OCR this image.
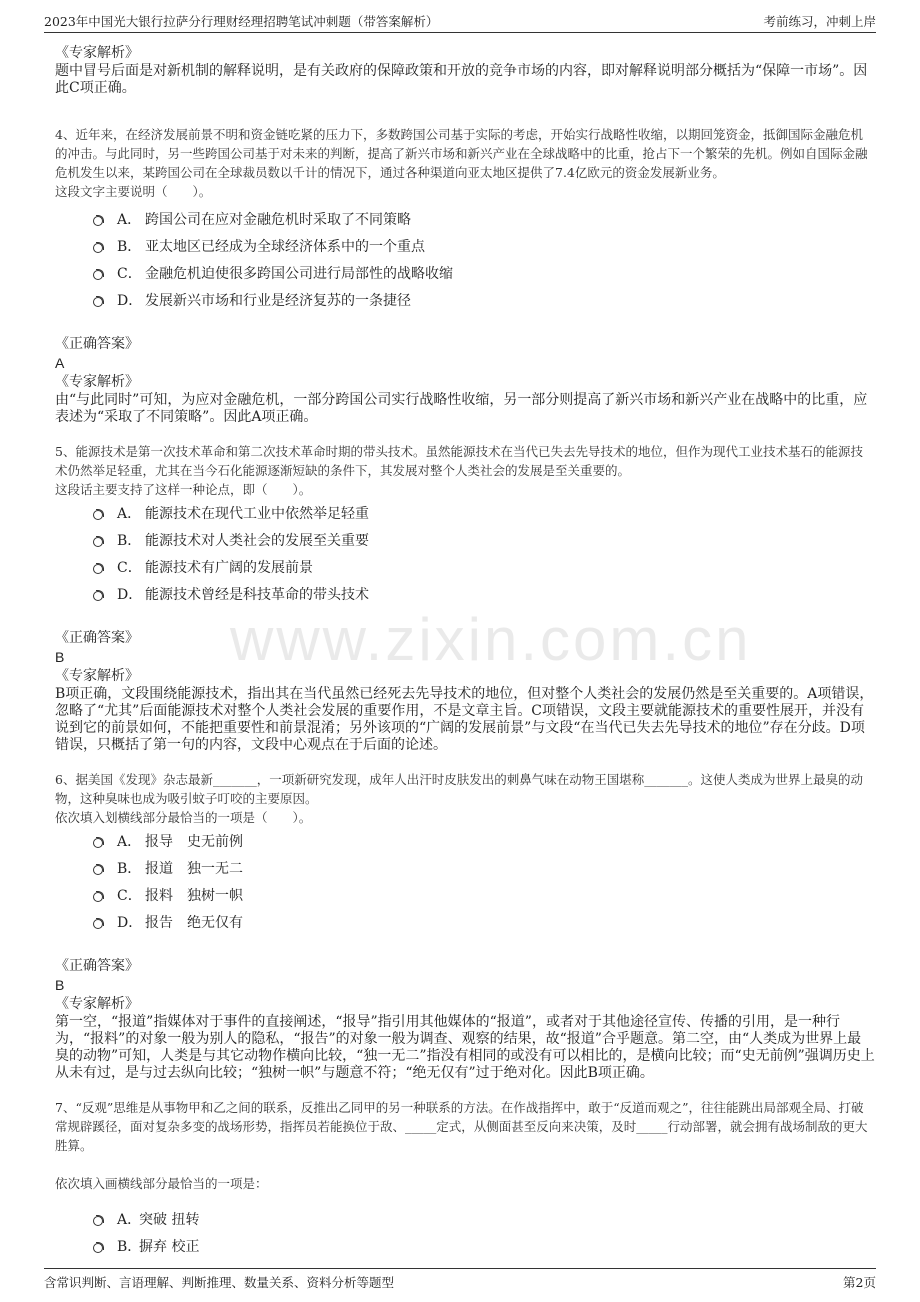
2023年中国光大银行拉萨分行理财经理招聘笔试冲刺题（带答案解析）	考前练习，冲刺上岸
www.zixin.com.cn
《专家解析》

题中冒号后面是对新机制的解释说明，是有关政府的保障政策和开放的竞争市场的内容，即对解释说明部分概括为“保障一市场”。因此C项正确。

4、近年来，在经济发展前景不明和资金链吃紧的压力下，多数跨国公司基于实际的考虑，开始实行战略性收缩，以期回笼资金，抵御国际金融危机的冲击。与此同时，另一些跨国公司基于对未来的判断，提高了新兴市场和新兴产业在全球战略中的比重，抢占下一个繁荣的先机。例如自国际金融危机发生以来，某跨国公司在全球裁员数以千计的情况下，通过各种渠道向亚太地区提供了7.4亿欧元的资金发展新业务。

这段文字主要说明（　　）。

A． 跨国公司在应对金融危机时采取了不同策略
B． 亚太地区已经成为全球经济体系中的一个重点
C． 金融危机迫使很多跨国公司进行局部性的战略收缩
D． 发展新兴市场和行业是经济复苏的一条捷径
《正确答案》
A
《专家解析》

由“与此同时”可知，为应对金融危机，一部分跨国公司实行战略性收缩，另一部分则提高了新兴市场和新兴产业在战略中的比重，应表述为“采取了不同策略”。因此A项正确。

5、能源技术是第一次技术革命和第二次技术革命时期的带头技术。虽然能源技术在当代已失去先导技术的地位，但作为现代工业技术基石的能源技术仍然举足轻重，尤其在当今石化能源逐渐短缺的条件下，其发展对整个人类社会的发展是至关重要的。

这段话主要支持了这样一种论点，即（　　）。

A． 能源技术在现代工业中依然举足轻重
B． 能源技术对人类社会的发展至关重要
C． 能源技术有广阔的发展前景
D． 能源技术曾经是科技革命的带头技术
《正确答案》
B
《专家解析》

B项正确，文段围绕能源技术，指出其在当代虽然已经死去先导技术的地位，但对整个人类社会的发展仍然是至关重要的。A项错误，忽略了“尤其”后面能源技术对整个人类社会发展的重要作用，不是文章主旨。C项错误，文段主要就能源技术的重要性展开，并没有说到它的前景如何，不能把重要性和前景混淆；另外该项的“广阔的发展前景”与文段“在当代已失去先导技术的地位”存在分歧。D项错误，只概括了第一句的内容，文段中心观点在于后面的论述。

6、据美国《发现》杂志最新_______，一项新研究发现，成年人出汗时皮肤发出的刺鼻气味在动物王国堪称_______。这使人类成为世界上最臭的动物，这种臭味也成为吸引蚊子叮咬的主要原因。

依次填入划横线部分最恰当的一项是（　　）。

A． 报导　史无前例
B． 报道　独一无二
C． 报料　独树一帜
D． 报告　绝无仅有
《正确答案》
B
《专家解析》

第一空，“报道”指媒体对于事件的直接阐述，“报导”指引用其他媒体的“报道”，或者对于其他途径宣传、传播的引用，是一种行为，“报料”的对象一般为别人的隐私，“报告”的对象一般为调查、观察的结果，故“报道”合乎题意。第二空，由“人类成为世界上最臭的动物”可知，人类是与其它动物作横向比较，“独一无二”指没有相同的或没有可以相比的，是横向比较；而“史无前例”强调历史上从未有过，是与过去纵向比较；“独树一帜”与题意不符；“绝无仅有”过于绝对化。因此B项正确。

7、“反观”思维是从事物甲和乙之间的联系，反推出乙同甲的另一种联系的方法。在作战指挥中，敢于“反道而观之”，往往能跳出局部观全局、打破常规辟蹊径，面对复杂多变的战场形势，指挥员若能换位于敌、_____定式，从侧面甚至反向来决策，及时_____行动部署，就会拥有战场制敌的更大胜算。

依次填入画横线部分最恰当的一项是：

A．突破 扭转
B．摒弃 校正
含常识判断、言语理解、判断推理、数量关系、资料分析等题型	第2页
